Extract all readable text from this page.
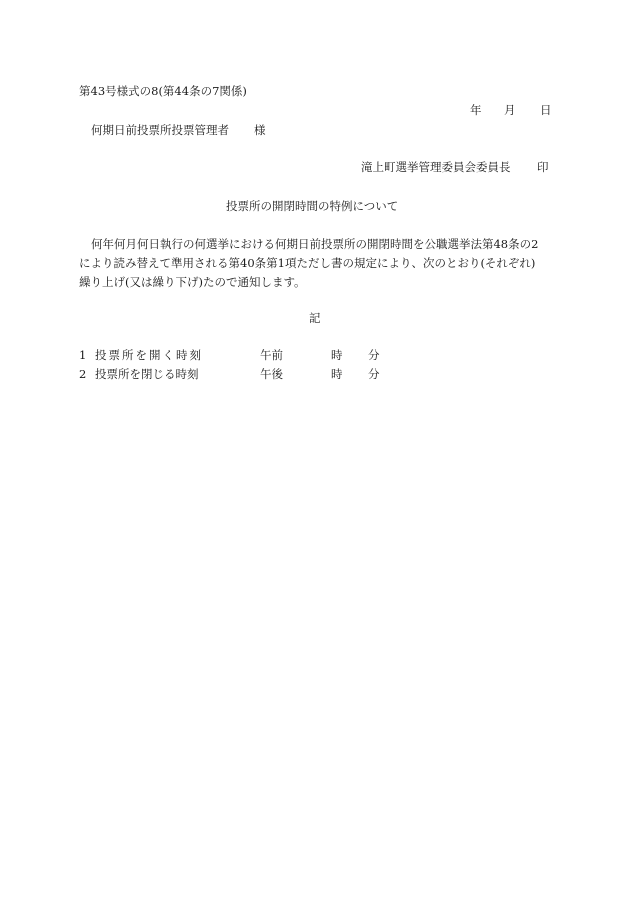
第43号様式の8(第44条の7関係)
年 月 日
何期日前投票所投票管理者 様
滝上町選挙管理委員会委員長 印
投票所の開閉時間の特例について
何年何月何日執行の何選挙における何期日前投票所の開閉時間を公職選挙法第48条の2
により読み替えて準用される第40条第1項ただし書の規定により、次のとおり(それぞれ)
繰り上げ(又は繰り下げ)たので通知します。
記
1 投票所を開く時刻	午前	時 分
2 投票所を閉じる時刻	午後	時 分
